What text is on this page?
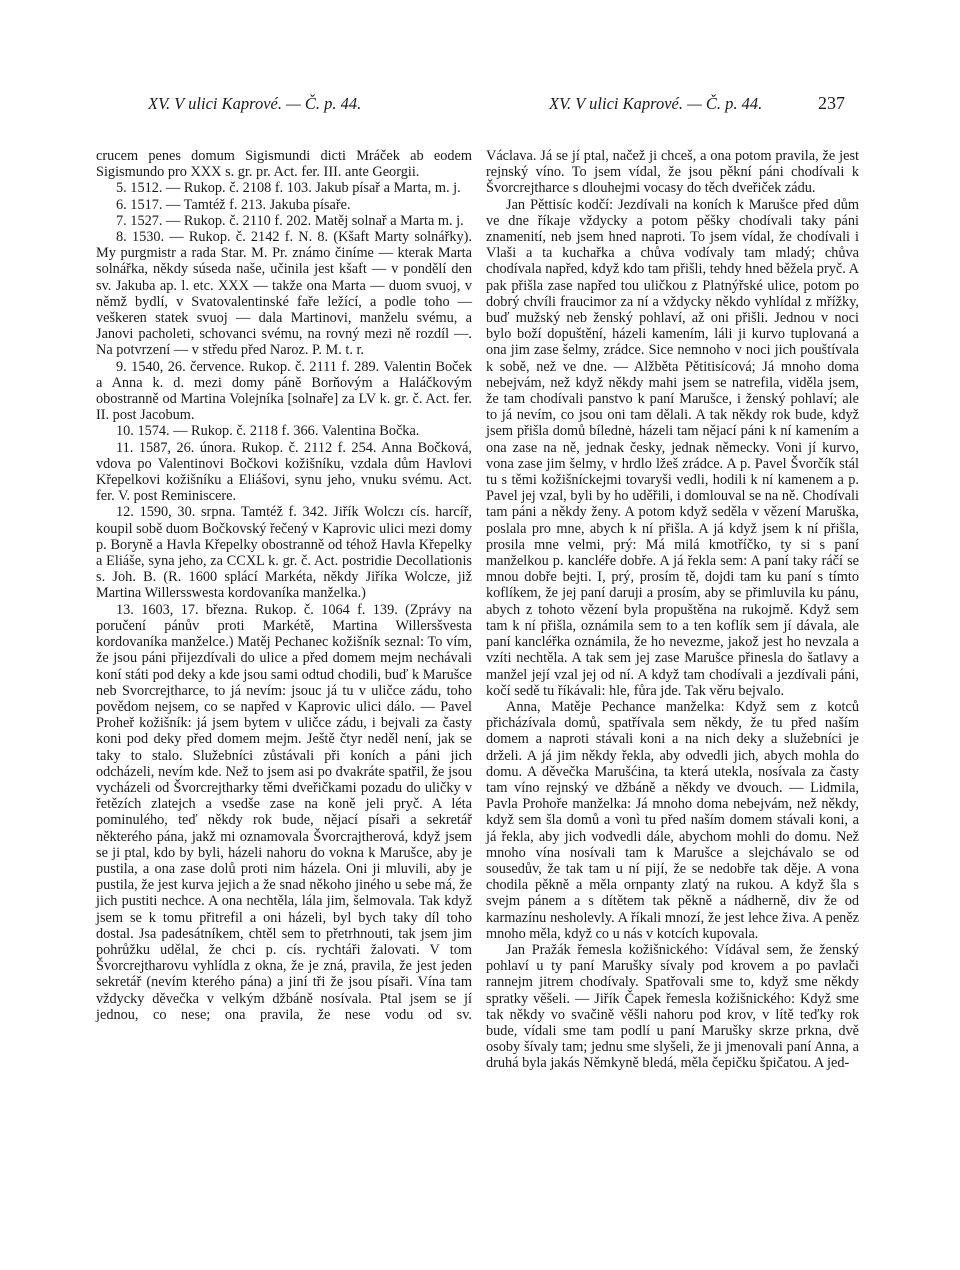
XV. V ulici Kaprové. — Č. p. 44.	XV. V ulici Kaprové. — Č. p. 44.	237

crucem penes domum Sigismundi dicti Mráček ab eodem Sigismundo pro XXX s. gr. pr. Act. fer. III. ante Georgii.

5. 1512. — Rukop. č. 2108 f. 103. Jakub písař a Marta, m. j.

6. 1517. — Tamtéž f. 213. Jakuba písaře.

7. 1527. — Rukop. č. 2110 f. 202. Matěj solnař a Marta m. j.

8. 1530. — Rukop. č. 2142 f. N. 8. (Kšaft Marty solnářky). My purgmistr a rada Star. M. Pr. známo činíme — kterak Marta solnářka, někdy súseda naše, učinila jest kšaft — v pondělí den sv. Jakuba ap. l. etc. XXX — takže ona Marta — duom svuoj, v němž bydlí, v Svatovalentinské faře ležící, a podle toho — veškeren statek svuoj — dala Martinovi, manželu svému, a Janovi pacholeti, schovanci svému, na rovný mezi ně rozdíl —. Na potvrzení — v středu před Naroz. P. M. t. r.

9. 1540, 26. července. Rukop. č. 2111 f. 289. Valentin Boček a Anna k. d. mezi domy páně Borňovým a Haláčkovým obostranně od Martina Volejníka [solnaře] za LV k. gr. č. Act. fer. II. post Jacobum.

10. 1574. — Rukop. č. 2118 f. 366. Valentina Bočka.

11. 1587, 26. února. Rukop. č. 2112 f. 254. Anna Bočková, vdova po Valentinovi Bočkovi kožišníku, vzdala dům Havlovi Křepelkovi kožišníku a Eliášovi, synu jeho, vnuku svému. Act. fer. V. post Reminiscere.

12. 1590, 30. srpna. Tamtéž f. 342. Jiřík Wolczı cís. harcíř, koupil sobě duom Bočkovský řečený v Kaprovic ulici mezi domy p. Boryně a Havla Křepelky obostranně od téhož Havla Křepelky a Eliáše, syna jeho, za CCXL k. gr. č. Act. postridie Decollationis s. Joh. B. (R. 1600 splácí Markéta, někdy Jiříka Wolcze, již Martina Willersswesta kordovaníka manželka.)

13. 1603, 17. března. Rukop. č. 1064 f. 139. (Zprávy na poručení pánův proti Markétě, Martina Willersšvesta kordovaníka manželce.) Matěj Pechanec kožišník seznal: To vím, že jsou páni přijezdívali do ulice a před domem mejm nechávali koní státi pod deky a kde jsou sami odtud chodili, buď k Marušce neb Svorcrejtharce, to já nevím: jsouc já tu v uličce zádu, toho povědom nejsem, co se napřed v Kaprovic ulici dálo. — Pavel Proheř kožišník: já jsem bytem v uličce zádu, i bejvali za časty koni pod deky před domem mejm. Ještě čtyr neděl není, jak se taky to stalo. Služebníci zůstávali při koních a páni jich odcházeli, nevím kde. Než to jsem asi po dvakráte spatřil, že jsou vycházeli od Švorcrejtharky těmi dveřičkami pozadu do uličky v řetězích zlatejch a vsedše zase na koně jeli pryč. A léta pominulého, teď někdy rok bude, nějací písaři a sekretář některého pána, jakž mi oznamovala Švorcrajtherová, když jsem se ji ptal, kdo by byli, házeli nahoru do vokna k Marušce, aby je pustila, a ona zase dolů proti nim házela. Oni ji mluvili, aby je pustila, že jest kurva jejich a že snad někoho jiného u sebe má, že jich pustiti nechce. A ona nechtěla, lála jim, šelmovala. Tak když jsem se k tomu přitrefil a oni házeli, byl bych taky díl toho dostal. Jsa padesátníkem, chtěl sem to přetrhnouti, tak jsem jim pohrůžku udělal, že chci p. cís. rychtáři žalovati. V tom Švorcrejtharovu vyhlídla z okna, že je zná, pravila, že jest jeden sekretář (nevím kterého pána) a jiní tři že jsou písaři. Vína tam vždycky děvečka v velkým džbáně nosívala. Ptal jsem se jí jednou, co nese; ona pravila, že nese vodu od sv.

Václava. Já se jí ptal, načež ji chceš, a ona potom pravila, že jest rejnský víno. To jsem vídal, že jsou pěkní páni chodívali k Švorcrejtharce s dlouhejmi vocasy do těch dveřiček zádu.

Jan Pěttisíc kodčí: Jezdívali na koních k Marušce před dům ve dne říkaje vždycky a potom pěšky chodívali taky páni znamenití, neb jsem hned naproti. To jsem vídal, že chodívali i Vlaši a ta kuchařka a chůva vodívaly tam mladý; chůva chodívala napřed, když kdo tam přišli, tehdy hned běžela pryč. A pak přišla zase napřed tou uličkou z Platnýřské ulice, potom po dobrý chvíli fraucimor za ní a vždycky někdo vyhlídal z mřížky, buď mužský neb ženský pohlaví, až oni přišli. Jednou v noci bylo boží dopuštění, házeli kamením, láli ji kurvo tuplovaná a ona jim zase šelmy, zrádce. Sice nemnoho v noci jich pouštívala k sobě, než ve dne. — Alžběta Pětitisícová; Já mnoho doma nebejvám, než když někdy mahi jsem se natrefila, viděla jsem, že tam chodívali panstvo k paní Marušce, i ženský pohlaví; ale to já nevím, co jsou oni tam dělali. A tak někdy rok bude, když jsem přišla domů bílednė, házeli tam nějací páni k ní kamením a ona zase na ně, jednak česky, jednak německy. Voni jí kurvo, vona zase jim šelmy, v hrdlo lžeš zrádce. A p. Pavel Švorčík stál tu s těmi kožišníckejmi tovaryši vedli, hodili k ní kamenem a p. Pavel jej vzal, byli by ho uděřili, i domlouval se na ně. Chodívali tam páni a někdy ženy. A potom když seděla v vězení Maruška, poslala pro mne, abych k ní přišla. A já když jsem k ní přišla, prosila mne velmi, prý: Má milá kmotříčko, ty si s paní manželkou p. kancléře dobře. A já řekla sem: A paní taky ráčí se mnou dobře bejti. I, prý, prosím tě, dojdi tam ku paní s tímto koflíkem, že jej paní daruji a prosím, aby se přimluvila ku pánu, abych z tohoto vězení byla propuštěna na rukojmě. Když sem tam k ní přišla, oznámila sem to a ten koflík sem jí dávala, ale paní kancléřka oznámila, že ho nevezme, jakož jest ho nevzala a vzíti nechtěla. A tak sem jej zase Marušce přinesla do šatlavy a manžel její vzal jej od ní. A když tam chodívali a jezdívali páni, kočí sedě tu říkávali: hle, fůra jde. Tak věru bejvalo.

Anna, Matěje Pechance manželka: Když sem z kotců přicházívala domů, spatřívala sem někdy, že tu před naším domem a naproti stávali koni a na nich deky a služebníci je drželi. A já jim někdy řekla, aby odvedli jich, abych mohla do domu. A děvečka Marušćina, ta která utekla, nosívala za časty tam víno rejnský ve džbáně a někdy ve dvouch. — Lidmila, Pavla Prohoře manželka: Já mnoho doma nebejvám, než někdy, když sem šla domů a vonì tu před naším domem stávali koni, a já řekla, aby jich vodvedli dále, abychom mohli do domu. Než mnoho vína nosívali tam k Marušce a slejchávalo se od sousedův, že tak tam u ní pijí, že se nedobře tak děje. A vona chodila pěkně a měla ornpanty zlatý na rukou. A když šla s svejm pánem a s dítětem tak pěkně a nádherně, div že od karmazínu nesholevly. A říkali mnozí, že jest lehce živa. A peněz mnoho měla, když co u nás v kotcích kupovala.

Jan Pražák řemesla kožišnického: Vídával sem, že ženský pohlaví u ty paní Marušky sívaly pod krovem a po pavlači rannejm jitrem chodívaly. Spatřovali sme to, když sme někdy spratky věšeli. — Jiřík Čapek řemesla kožišnického: Když sme tak někdy vo svačině věšli nahoru pod krov, v lítě teďky rok bude, vídali sme tam podlí u paní Marušky skrze prkna, dvě osoby šívaly tam; jednu sme slyšeli, že ji jmenovali paní Anna, a druhá byla jakás Němkyně bledá, měla čepičku špičatou. A jed-
